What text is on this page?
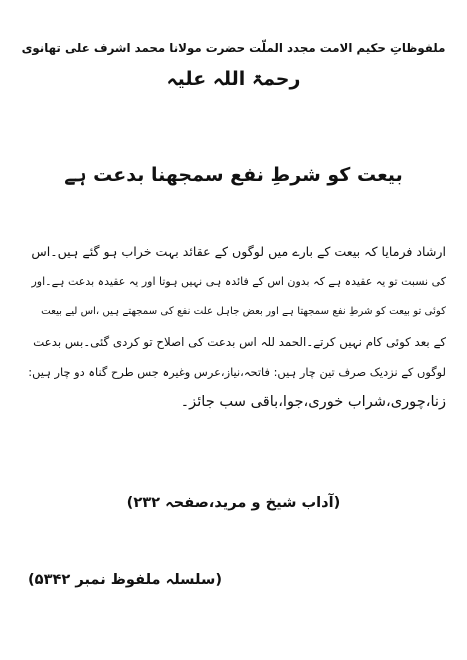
ملفوظاتِ حکیم الامت مجدد الملّت حضرت مولانا محمد اشرف علی تھانوی
رحمۃ اللہ علیہ
بیعت کو شرطِ نفع سمجھنا بدعت ہے
ارشاد فرمایا کہ بیعت کے بارے میں لوگوں کے عقائد بہت خراب ہو گئے ہیں۔اس
کی نسبت تو یہ عقیدہ ہے کہ بدون اس کے فائدہ ہی نہیں ہوتا اور یہ عقیدہ بدعت ہے۔اور
کوئی تو بیعت کو شرطِ نفع سمجھتا ہے اور بعض جاہل علت نفع کی سمجھتے ہیں ،اس لیے بیعت
کے بعد کوئی کام نہیں کرتے۔الحمد للہ اس بدعت کی اصلاح تو کردی گئی۔بس بدعت
لوگوں کے نزدیک صرف تین چار ہیں: فاتحہ،نیاز،عرس وغیرہ جس طرح گناہ دو چار ہیں:
زنا،چوری،شراب خوری،جوا،باقی سب جائز۔
(آداب شیخ و مرید،صفحہ ۲۳۲)
(سلسلہ ملفوظ نمبر ۵۳۴۲)
